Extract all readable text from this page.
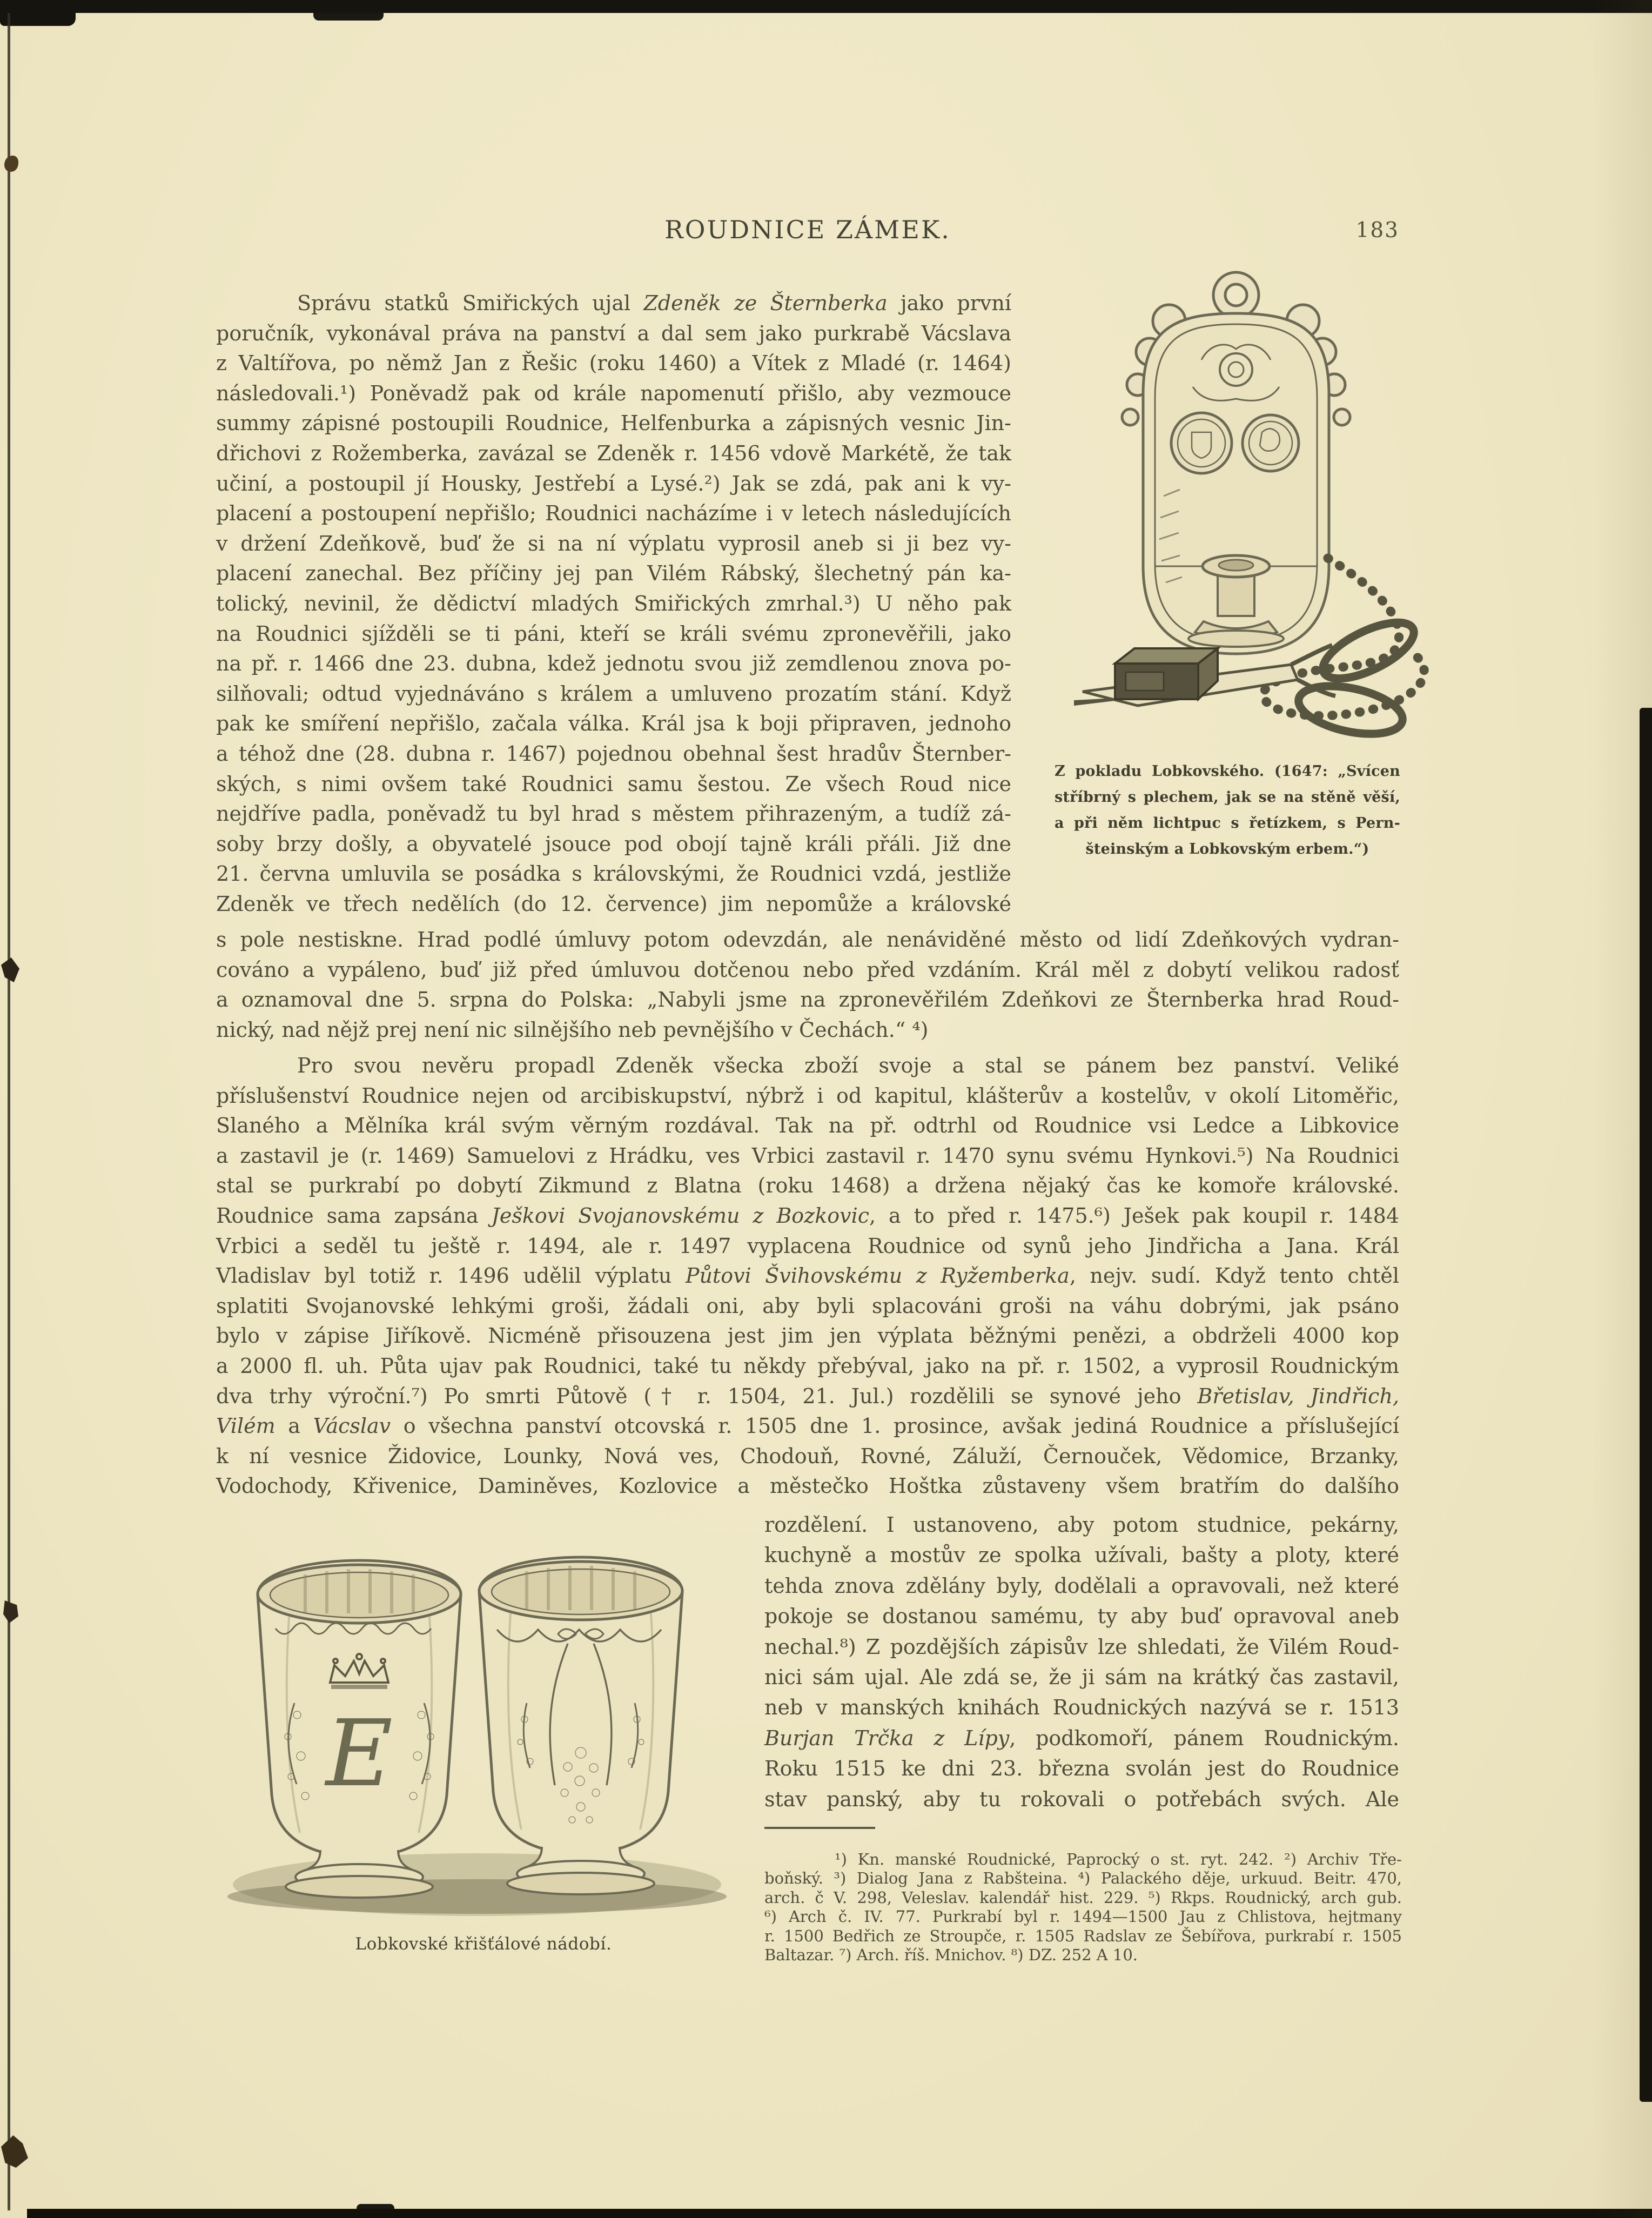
ROUDNICE ZÁMEK.	183
Správu statků Smiřických ujal Zdeněk ze Šternberka jako první
poručník, vykonával práva na panství a dal sem jako purkrabě Vácslava
z Valtířova, po němž Jan z Řešic (roku 1460) a Vítek z Mladé (r. 1464)
následovali.¹) Poněvadž pak od krále napomenutí přišlo, aby vezmouce
summy zápisné postoupili Roudnice, Helfenburka a zápisných vesnic Jin-
dřichovi z Rožemberka, zavázal se Zdeněk r. 1456 vdově Markétě, že tak
učiní, a postoupil jí Housky, Jestřebí a Lysé.²) Jak se zdá, pak ani k vy-
placení a postoupení nepřišlo; Roudnici nacházíme i v letech následujících
v držení Zdeňkově, buď že si na ní výplatu vyprosil aneb si ji bez vy-
placení zanechal. Bez příčiny jej pan Vilém Rábský, šlechetný pán ka-
tolický, nevinil, že dědictví mladých Smiřických zmrhal.³) U něho pak
na Roudnici sjížděli se ti páni, kteří se králi svému zpronevěřili, jako
na př. r. 1466 dne 23. dubna, kdež jednotu svou již zemdlenou znova po-
silňovali; odtud vyjednáváno s králem a umluveno prozatím stání. Když
pak ke smíření nepřišlo, začala válka. Král jsa k boji připraven, jednoho
a téhož dne (28. dubna r. 1467) pojednou obehnal šest hradův Šternber-
ských, s nimi ovšem také Roudnici samu šestou. Ze všech Roud nice
nejdříve padla, poněvadž tu byl hrad s městem přihrazeným, a tudíž zá-
soby brzy došly, a obyvatelé jsouce pod obojí tajně králi přáli. Již dne
21. června umluvila se posádka s královskými, že Roudnici vzdá, jestliže
Zdeněk ve třech nedělích (do 12. července) jim nepomůže a královské
s pole nestiskne. Hrad podlé úmluvy potom odevzdán, ale nenáviděné město od lidí Zdeňkových vydran-
cováno a vypáleno, buď již před úmluvou dotčenou nebo před vzdáním. Král měl z dobytí velikou radosť
a oznamoval dne 5. srpna do Polska: „Nabyli jsme na zpronevěřilém Zdeňkovi ze Šternberka hrad Roud-
nický, nad nějž prej není nic silnějšího neb pevnějšího v Čechách.“ ⁴)
Pro svou nevěru propadl Zdeněk všecka zboží svoje a stal se pánem bez panství. Veliké
příslušenství Roudnice nejen od arcibiskupství, nýbrž i od kapitul, klášterův a kostelův, v okolí Litoměřic,
Slaného a Mělníka král svým věrným rozdával. Tak na př. odtrhl od Roudnice vsi Ledce a Libkovice
a zastavil je (r. 1469) Samuelovi z Hrádku, ves Vrbici zastavil r. 1470 synu svému Hynkovi.⁵) Na Roudnici
stal se purkrabí po dobytí Zikmund z Blatna (roku 1468) a držena nějaký čas ke komoře královské.
Roudnice sama zapsána Ješkovi Svojanovskému z Bozkovic, a to před r. 1475.⁶) Ješek pak koupil r. 1484
Vrbici a seděl tu ještě r. 1494, ale r. 1497 vyplacena Roudnice od synů jeho Jindřicha a Jana. Král
Vladislav byl totiž r. 1496 udělil výplatu Půtovi Švihovskému z Ryžemberka, nejv. sudí. Když tento chtěl
splatiti Svojanovské lehkými groši, žádali oni, aby byli splacováni groši na váhu dobrými, jak psáno
bylo v zápise Jiříkově. Nicméně přisouzena jest jim jen výplata běžnými penězi, a obdrželi 4000 kop
a 2000 fl. uh. Půta ujav pak Roudnici, také tu někdy přebýval, jako na př. r. 1502, a vyprosil Roudnickým
dva trhy výroční.⁷) Po smrti Půtově († r. 1504, 21. Jul.) rozdělili se synové jeho Břetislav, Jindřich,
Vilém a Vácslav o všechna panství otcovská r. 1505 dne 1. prosince, avšak jediná Roudnice a příslušející
k ní vesnice Židovice, Lounky, Nová ves, Chodouň, Rovné, Záluží, Černouček, Vědomice, Brzanky,
Vodochody, Křivenice, Daminěves, Kozlovice a městečko Hoštka zůstaveny všem bratřím do dalšího
rozdělení. I ustanoveno, aby potom studnice, pekárny,
kuchyně a mostův ze spolka užívali, bašty a ploty, které
tehda znova zdělány byly, dodělali a opravovali, než které
pokoje se dostanou samému, ty aby buď opravoval aneb
nechal.⁸) Z pozdějších zápisův lze shledati, že Vilém Roud-
nici sám ujal. Ale zdá se, že ji sám na krátký čas zastavil,
neb v manských knihách Roudnických nazývá se r. 1513
Burjan Trčka z Lípy, podkomoří, pánem Roudnickým.
Roku 1515 ke dni 23. března svolán jest do Roudnice
stav panský, aby tu rokovali o potřebách svých. Ale
¹) Kn. manské Roudnické, Paprocký o st. ryt. 242. ²) Archiv Tře-
boňský. ³) Dialog Jana z Rabšteina. ⁴) Palackého děje, urkuud. Beitr. 470,
arch. č V. 298, Veleslav. kalendář hist. 229. ⁵) Rkps. Roudnický, arch gub.
⁶) Arch č. IV. 77. Purkrabí byl r. 1494—1500 Jau z Chlistova, hejtmany
r. 1500 Bedřich ze Stroupče, r. 1505 Radslav ze Šebířova, purkrabí r. 1505
Baltazar. ⁷) Arch. říš. Mnichov. ⁸) DZ. 252 A 10.
Z pokladu Lobkovského. (1647: „Svícen
stříbrný s plechem, jak se na stěně věší,
a při něm lichtpuc s řetízkem, s Pern-
šteinským a Lobkovským erbem.“)
E
Lobkovské křišťálové nádobí.
